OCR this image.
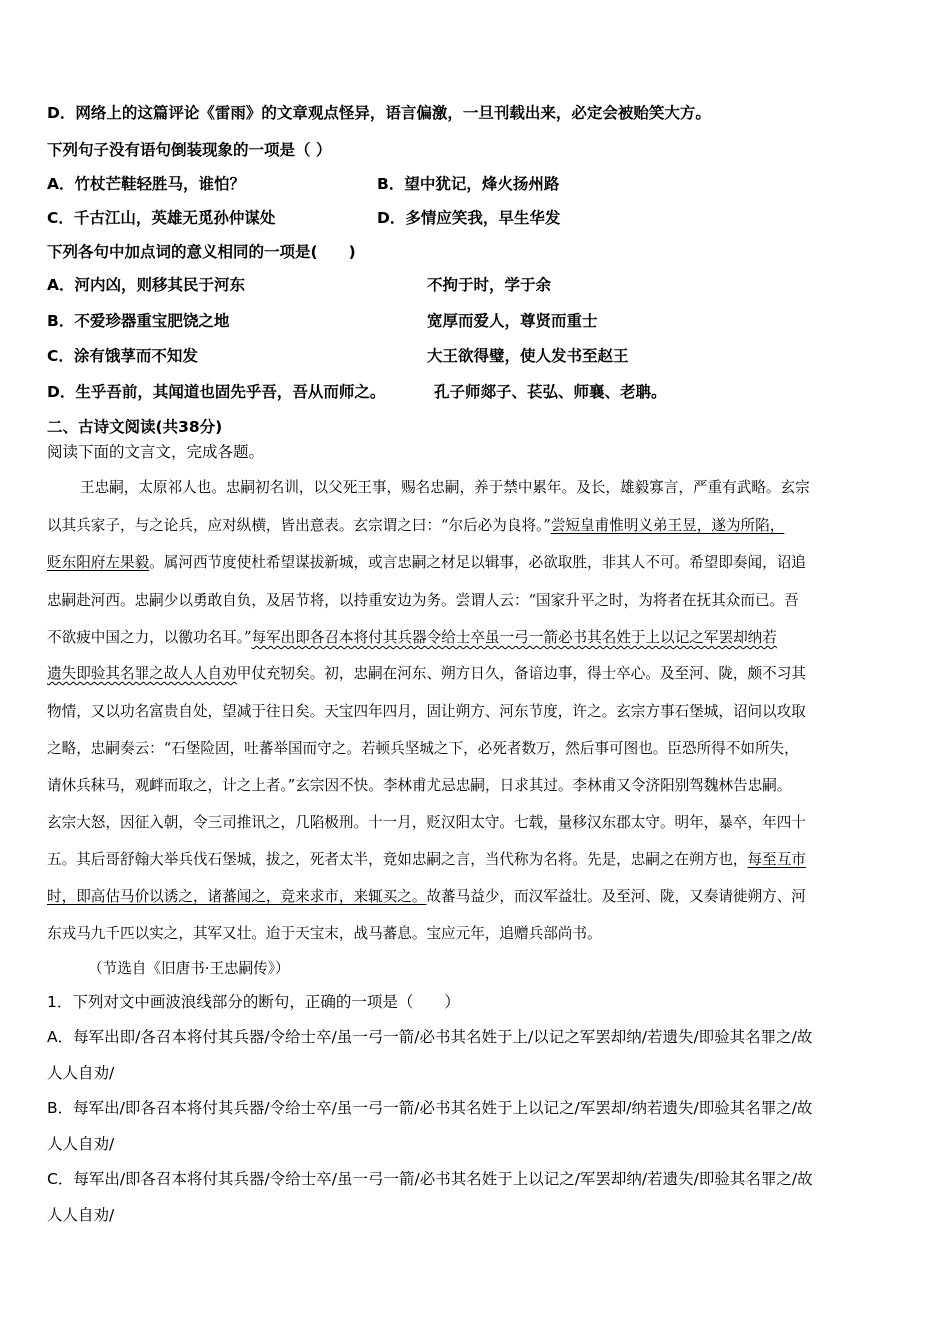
D．网络上的这篇评论《雷雨》的文章观点怪异，语言偏激，一旦刊载出来，必定会被贻笑大方。
下列句子没有语句倒装现象的一项是（ ）
A．竹杖芒鞋轻胜马，谁怕？	B．望中犹记，烽火扬州路
C．千古江山，英雄无觅孙仲谋处	D．多情应笑我，早生华发
下列各句中加点词的意义相同的一项是(　　)
A．河内凶，则移其民于河东	不拘于时，学于余
B．不爱珍器重宝肥饶之地	宽厚而爱人，尊贤而重士
C．涂有饿莩而不知发	大王欲得璧，使人发书至赵王
D．生乎吾前，其闻道也固先乎吾，吾从而师之。	孔子师郯子、苌弘、师襄、老聃。
二、古诗文阅读(共38分)
阅读下面的文言文，完成各题。
王忠嗣，太原祁人也。忠嗣初名训，以父死王事，赐名忠嗣，养于禁中累年。及长，雄毅寡言，严重有武略。玄宗
以其兵家子，与之论兵，应对纵横，皆出意表。玄宗谓之曰：“尔后必为良将。”尝短皇甫惟明义弟王昱，遂为所陷，
贬东阳府左果毅。属河西节度使杜希望谋拔新城，或言忠嗣之材足以辑事，必欲取胜，非其人不可。希望即奏闻，诏追
忠嗣赴河西。忠嗣少以勇敢自负，及居节将，以持重安边为务。尝谓人云：“国家升平之时，为将者在抚其众而已。吾
不欲疲中国之力，以徼功名耳。”每军出即各召本将付其兵器令给士卒虽一弓一箭必书其名姓于上以记之军罢却纳若
遗失即验其名罪之故人人自劝甲仗充牣矣。初，忠嗣在河东、朔方日久，备谙边事，得士卒心。及至河、陇，颇不习其
物情，又以功名富贵自处，望减于往日矣。天宝四年四月，固让朔方、河东节度，许之。玄宗方事石堡城，诏问以攻取
之略，忠嗣奏云：“石堡险固，吐蕃举国而守之。若顿兵坚城之下，必死者数万，然后事可图也。臣恐所得不如所失，
请休兵秣马，观衅而取之，计之上者。”玄宗因不快。李林甫尤忌忠嗣，日求其过。李林甫又令济阳别驾魏林告忠嗣。
玄宗大怒，因征入朝，令三司推讯之，几陷极刑。十一月，贬汉阳太守。七载，量移汉东郡太守。明年，暴卒，年四十
五。其后哥舒翰大举兵伐石堡城，拔之，死者太半，竟如忠嗣之言，当代称为名将。先是，忠嗣之在朔方也，每至互市
时，即高估马价以诱之，诸蕃闻之，竞来求市，来辄买之。故蕃马益少，而汉军益壮。及至河、陇，又奏请徙朔方、河
东戎马九千匹以实之，其军又壮。迨于天宝末，战马蕃息。宝应元年，追赠兵部尚书。
（节选自《旧唐书·王忠嗣传》）
1．下列对文中画波浪线部分的断句，正确的一项是（　　）
A．每军出即/各召本将付其兵器/令给士卒/虽一弓一箭/必书其名姓于上/以记之军罢却纳/若遗失/即验其名罪之/故
人人自劝/
B．每军出/即各召本将付其兵器/令给士卒/虽一弓一箭/必书其名姓于上以记之/军罢却/纳若遗失/即验其名罪之/故
人人自劝/
C．每军出/即各召本将付其兵器/令给士卒/虽一弓一箭/必书其名姓于上以记之/军罢却纳/若遗失/即验其名罪之/故
人人自劝/
